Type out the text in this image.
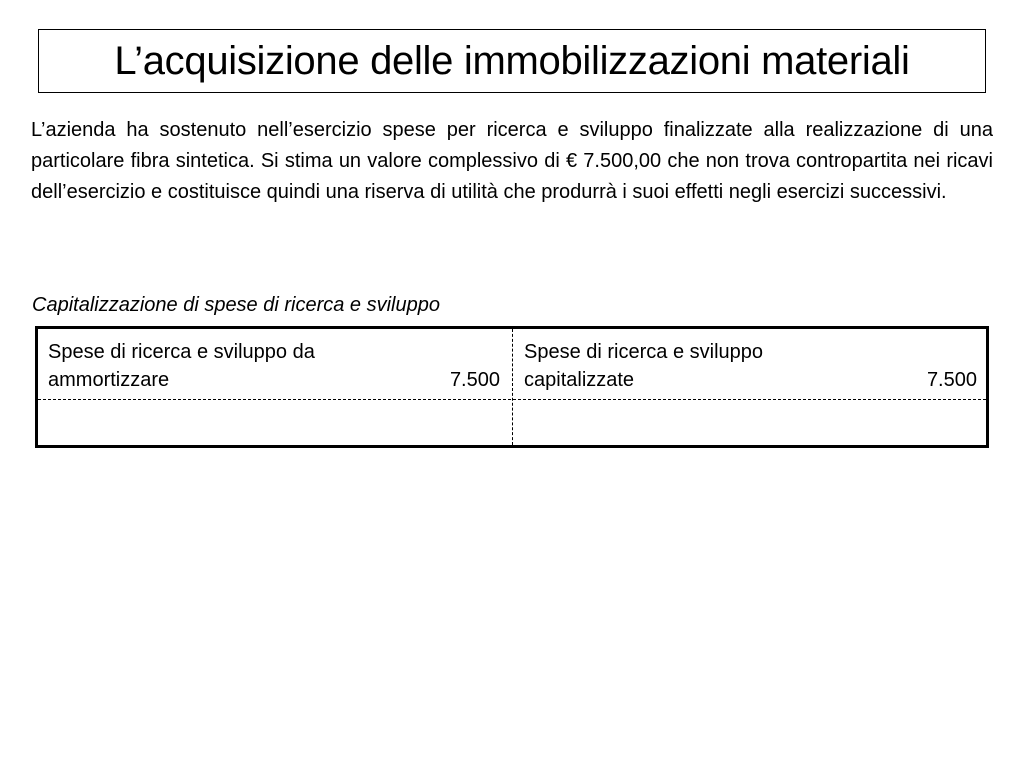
L’acquisizione delle immobilizzazioni materiali

L’azienda ha sostenuto nell’esercizio spese per ricerca e sviluppo finalizzate alla realizzazione di una particolare fibra sintetica. Si stima un valore complessivo di € 7.500,00 che non trova contropartita nei ricavi dell’esercizio e costituisce quindi una riserva di utilità che produrrà i suoi effetti negli esercizi successivi.

Capitalizzazione di spese di ricerca e sviluppo

Spese di ricerca e sviluppo da
ammortizzare	7.500
Spese di ricerca e sviluppo
capitalizzate	7.500
